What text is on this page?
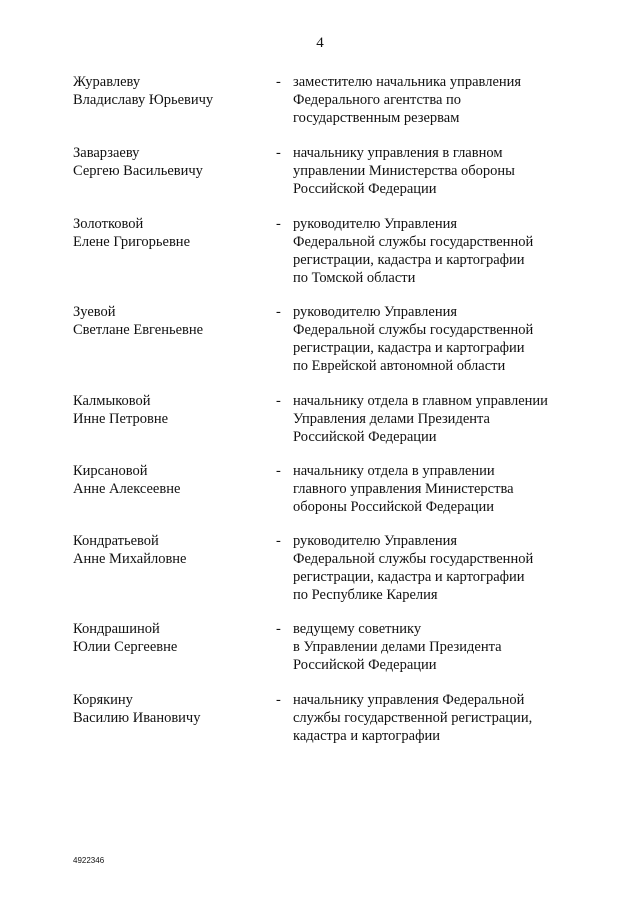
4
Журавлеву
Владиславу Юрьевичу
- заместителю начальника управления
Федерального агентства по
государственным резервам
Заварзаеву
Сергею Васильевичу
- начальнику управления в главном
управлении Министерства обороны
Российской Федерации
Золотковой
Елене Григорьевне
- руководителю Управления
Федеральной службы государственной
регистрации, кадастра и картографии
по Томской области
Зуевой
Светлане Евгеньевне
- руководителю Управления
Федеральной службы государственной
регистрации, кадастра и картографии
по Еврейской автономной области
Калмыковой
Инне Петровне
- начальнику отдела в главном управлении
Управления делами Президента
Российской Федерации
Кирсановой
Анне Алексеевне
- начальнику отдела в управлении
главного управления Министерства
обороны Российской Федерации
Кондратьевой
Анне Михайловне
- руководителю Управления
Федеральной службы государственной
регистрации, кадастра и картографии
по Республике Карелия
Кондрашиной
Юлии Сергеевне
- ведущему советнику
в Управлении делами Президента
Российской Федерации
Корякину
Василию Ивановичу
- начальнику управления Федеральной
службы государственной регистрации,
кадастра и картографии
4922346
